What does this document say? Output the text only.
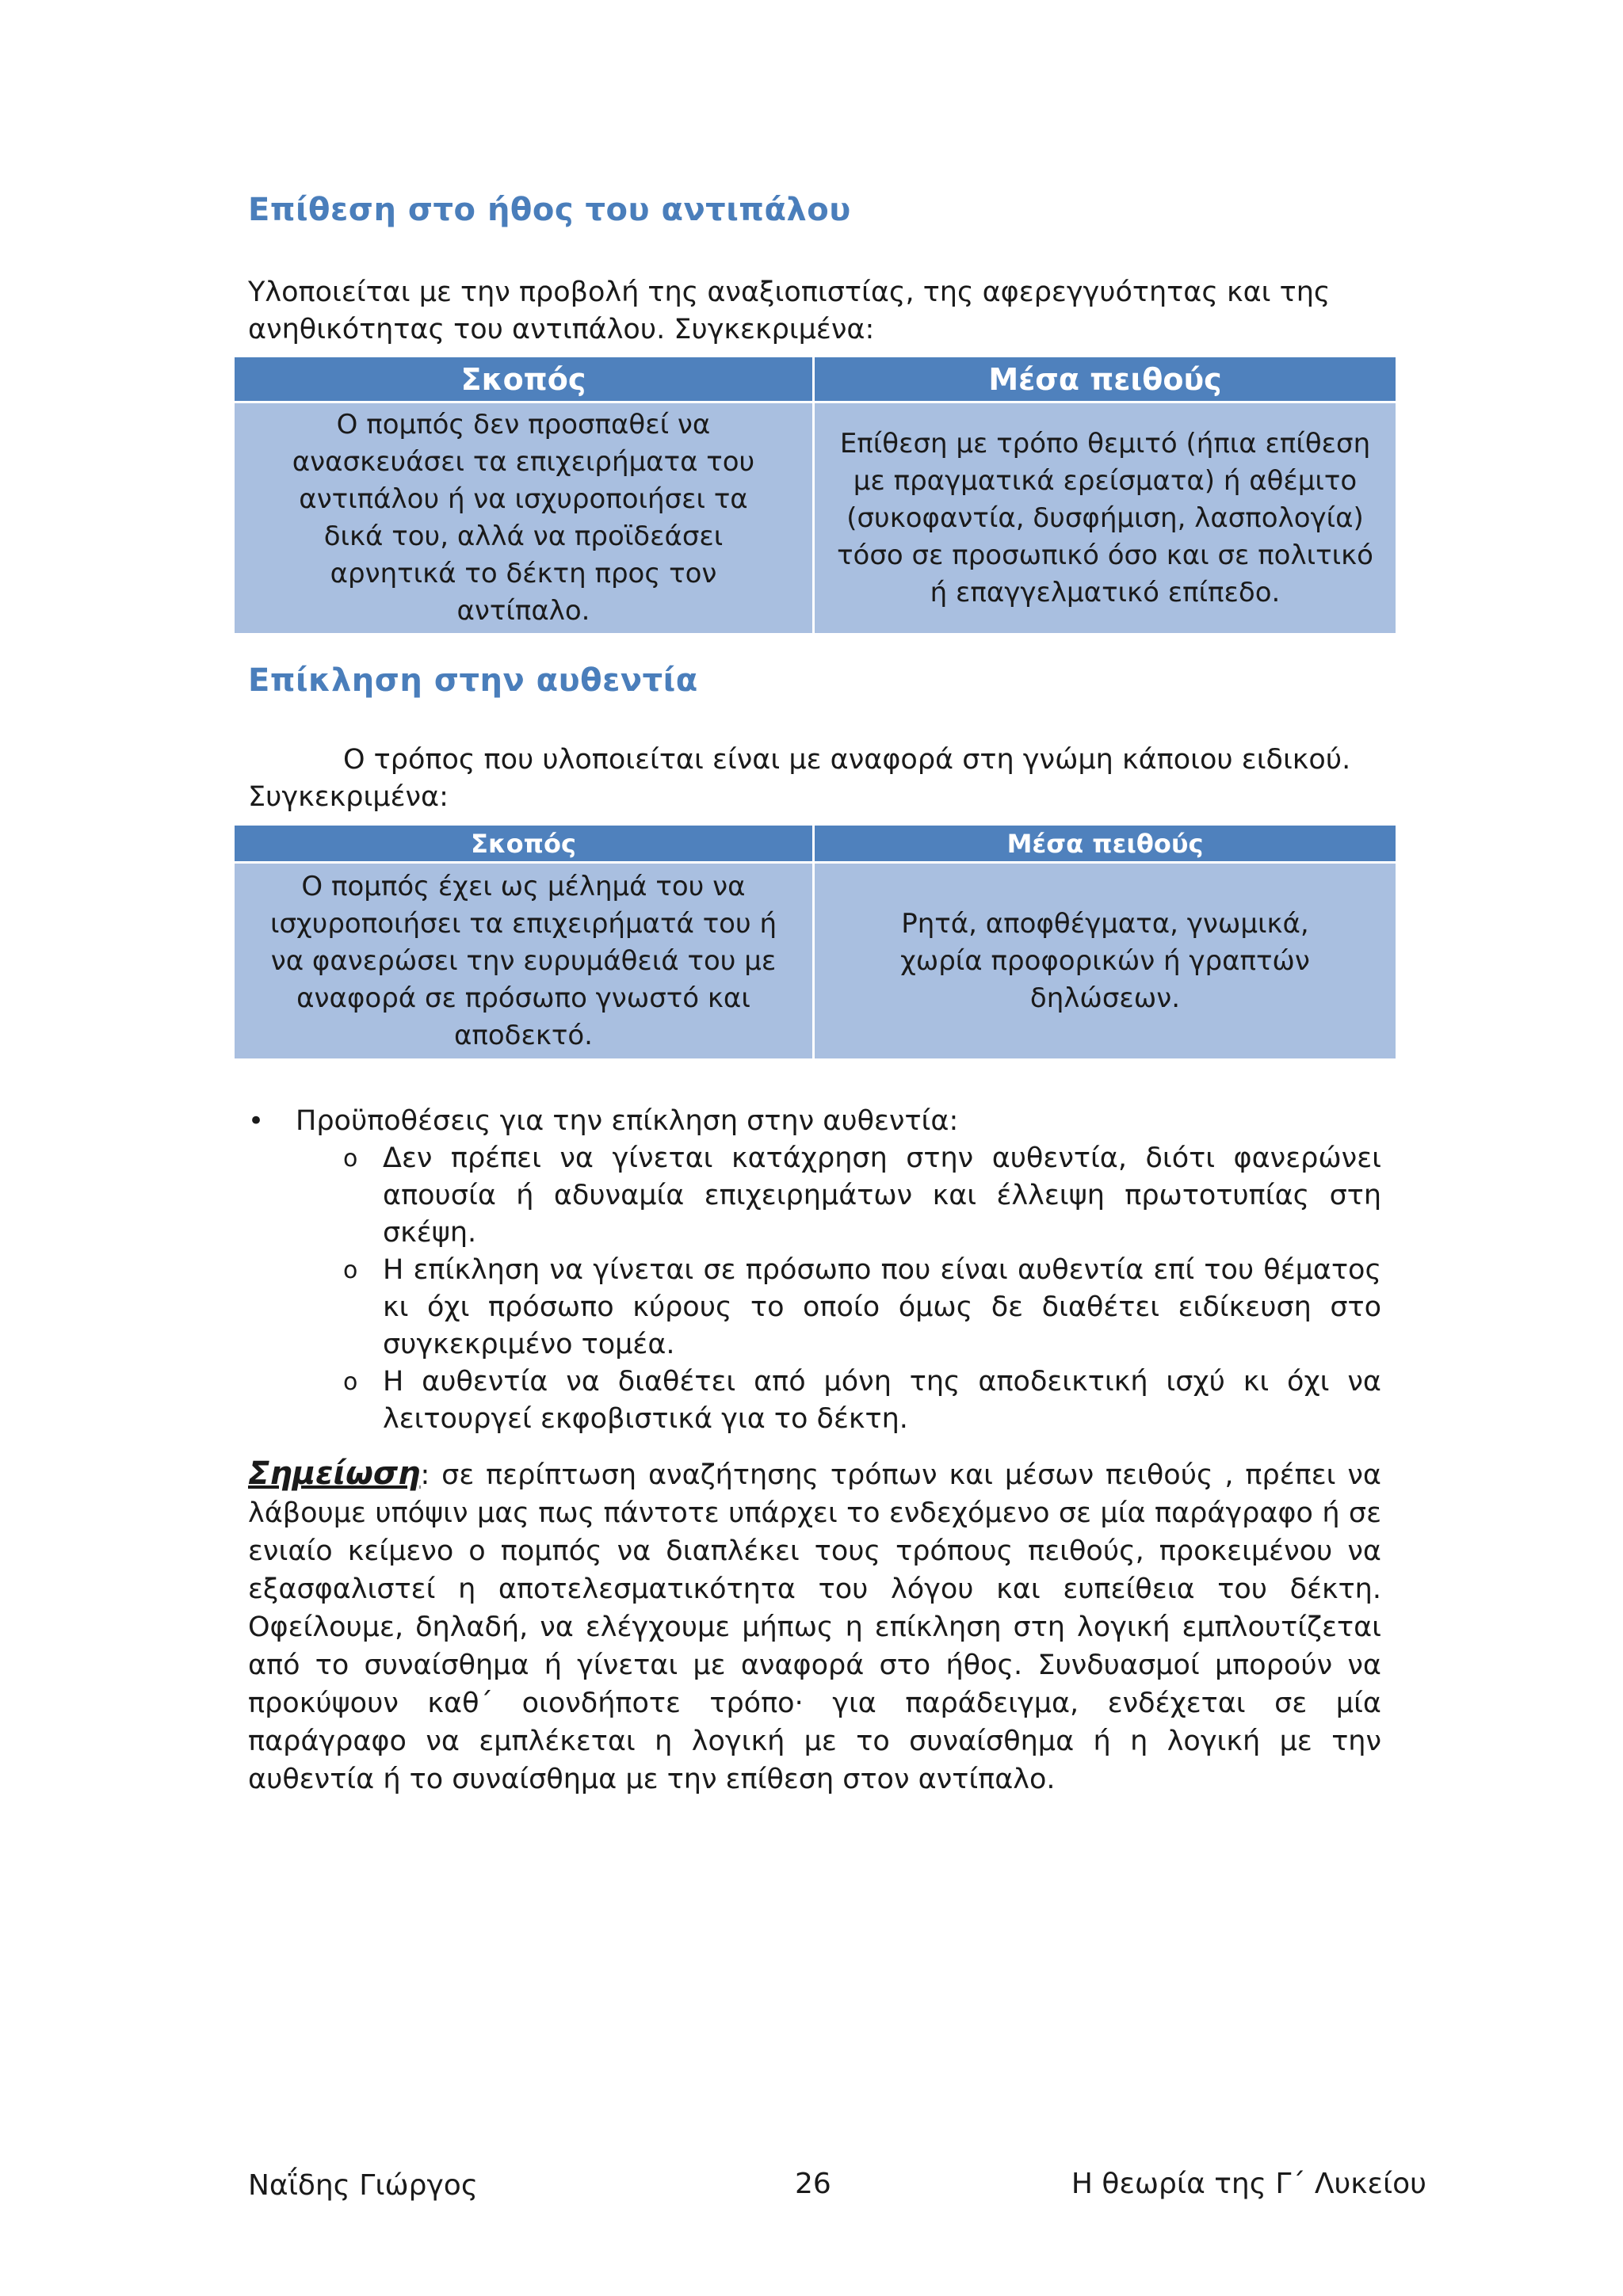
Επίθεση στο ήθος του αντιπάλου
Υλοποιείται με την προβολή της αναξιοπιστίας, της αφερεγγυότητας και της
ανηθικότητας του αντιπάλου. Συγκεκριμένα:
Σκοπός	Μέσα πειθούς
Ο πομπός δεν προσπαθεί να ανασκευάσει τα επιχειρήματα του αντιπάλου ή να ισχυροποιήσει τα δικά του, αλλά να προϊδεάσει αρνητικά το δέκτη προς τον αντίπαλο.	Επίθεση με τρόπο θεμιτό (ήπια επίθεση με πραγματικά ερείσματα) ή αθέμιτο (συκοφαντία, δυσφήμιση, λασπολογία) τόσο σε προσωπικό όσο και σε πολιτικό ή επαγγελματικό επίπεδο.
Επίκληση στην αυθεντία
Ο τρόπος που υλοποιείται είναι με αναφορά στη γνώμη κάποιου ειδικού.
Συγκεκριμένα:
Σκοπός	Μέσα πειθούς
Ο πομπός έχει ως μέλημά του να ισχυροποιήσει τα επιχειρήματά του ή να φανερώσει την ευρυμάθειά του με αναφορά σε πρόσωπο γνωστό και αποδεκτό.	Ρητά, αποφθέγματα, γνωμικά, χωρία προφορικών ή γραπτών δηλώσεων.
• Προϋποθέσεις για την επίκληση στην αυθεντία:
o Δεν πρέπει να γίνεται κατάχρηση στην αυθεντία, διότι φανερώνει απουσία ή αδυναμία επιχειρημάτων και έλλειψη πρωτοτυπίας στη σκέψη.
o Η επίκληση να γίνεται σε πρόσωπο που είναι αυθεντία επί του θέματος κι όχι πρόσωπο κύρους το οποίο όμως δε διαθέτει ειδίκευση στο συγκεκριμένο τομέα.
o Η αυθεντία να διαθέτει από μόνη της αποδεικτική ισχύ κι όχι να λειτουργεί εκφοβιστικά για το δέκτη.
Σημείωση: σε περίπτωση αναζήτησης τρόπων και μέσων πειθούς , πρέπει να λάβουμε υπόψιν μας πως πάντοτε υπάρχει το ενδεχόμενο σε μία παράγραφο ή σε ενιαίο κείμενο ο πομπός να διαπλέκει τους τρόπους πειθούς, προκειμένου να εξασφαλιστεί η αποτελεσματικότητα του λόγου και ευπείθεια του δέκτη. Οφείλουμε, δηλαδή, να ελέγχουμε μήπως η επίκληση στη λογική εμπλουτίζεται από το συναίσθημα ή γίνεται με αναφορά στο ήθος. Συνδυασμοί μπορούν να προκύψουν καθ΄ οιονδήποτε τρόπο· για παράδειγμα, ενδέχεται σε μία παράγραφο να εμπλέκεται η λογική με το συναίσθημα ή η λογική με την αυθεντία ή το συναίσθημα με την επίθεση στον αντίπαλο.
Ναΐδης Γιώργος	26	Η θεωρία της Γ΄ Λυκείου
